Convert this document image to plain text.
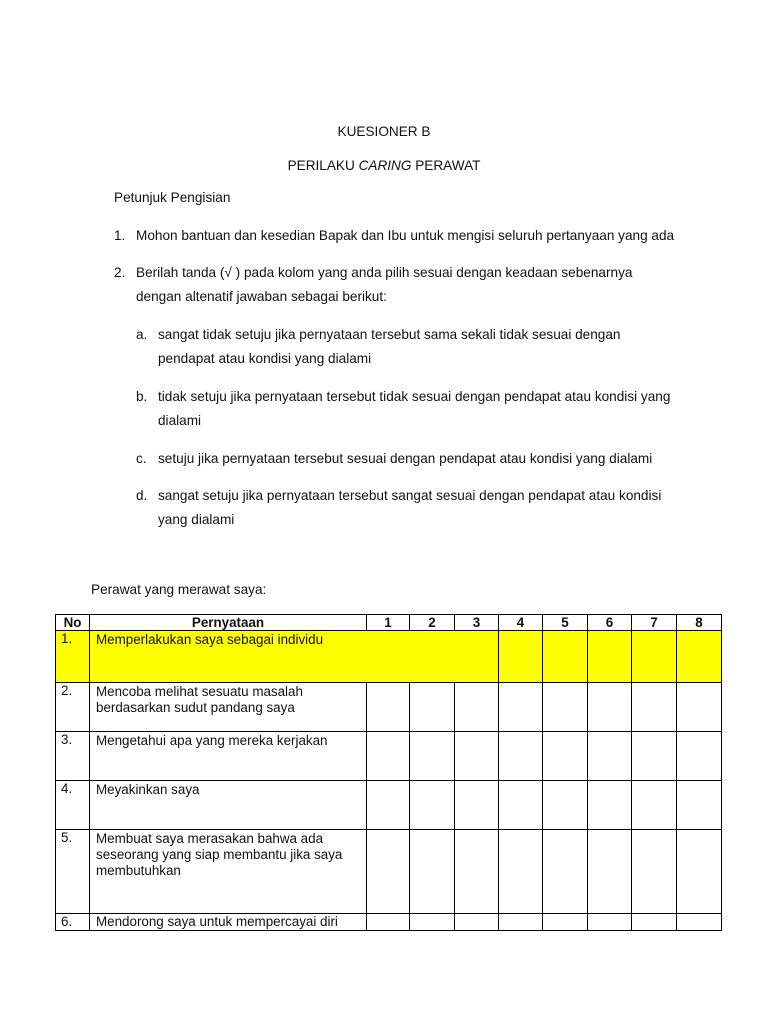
KUESIONER B
PERILAKU CARING PERAWAT
Petunjuk Pengisian
1. Mohon bantuan dan kesedian Bapak dan Ibu untuk mengisi seluruh pertanyaan yang ada
2. Berilah tanda (√ ) pada kolom yang anda pilih sesuai dengan keadaan sebenarnya
dengan altenatif jawaban sebagai berikut:
a. sangat tidak setuju jika pernyataan tersebut sama sekali tidak sesuai dengan
pendapat atau kondisi yang dialami
b. tidak setuju jika pernyataan tersebut tidak sesuai dengan pendapat atau kondisi yang
dialami
c. setuju jika pernyataan tersebut sesuai dengan pendapat atau kondisi yang dialami
d. sangat setuju jika pernyataan tersebut sangat sesuai dengan pendapat atau kondisi
yang dialami
Perawat yang merawat saya:
No	Pernyataan	1	2	3	4	5	6	7	8
1.	Memperlakukan saya sebagai individu								

2.	Mencoba melihat sesuatu masalah
berdasarkan sudut pandang saya								

3.	Mengetahui apa yang mereka kerjakan								

4.	Meyakinkan saya								

5.	Membuat saya merasakan bahwa ada
seseorang yang siap membantu jika saya
membutuhkan								

6.	Mendorong saya untuk mempercayai diri								
